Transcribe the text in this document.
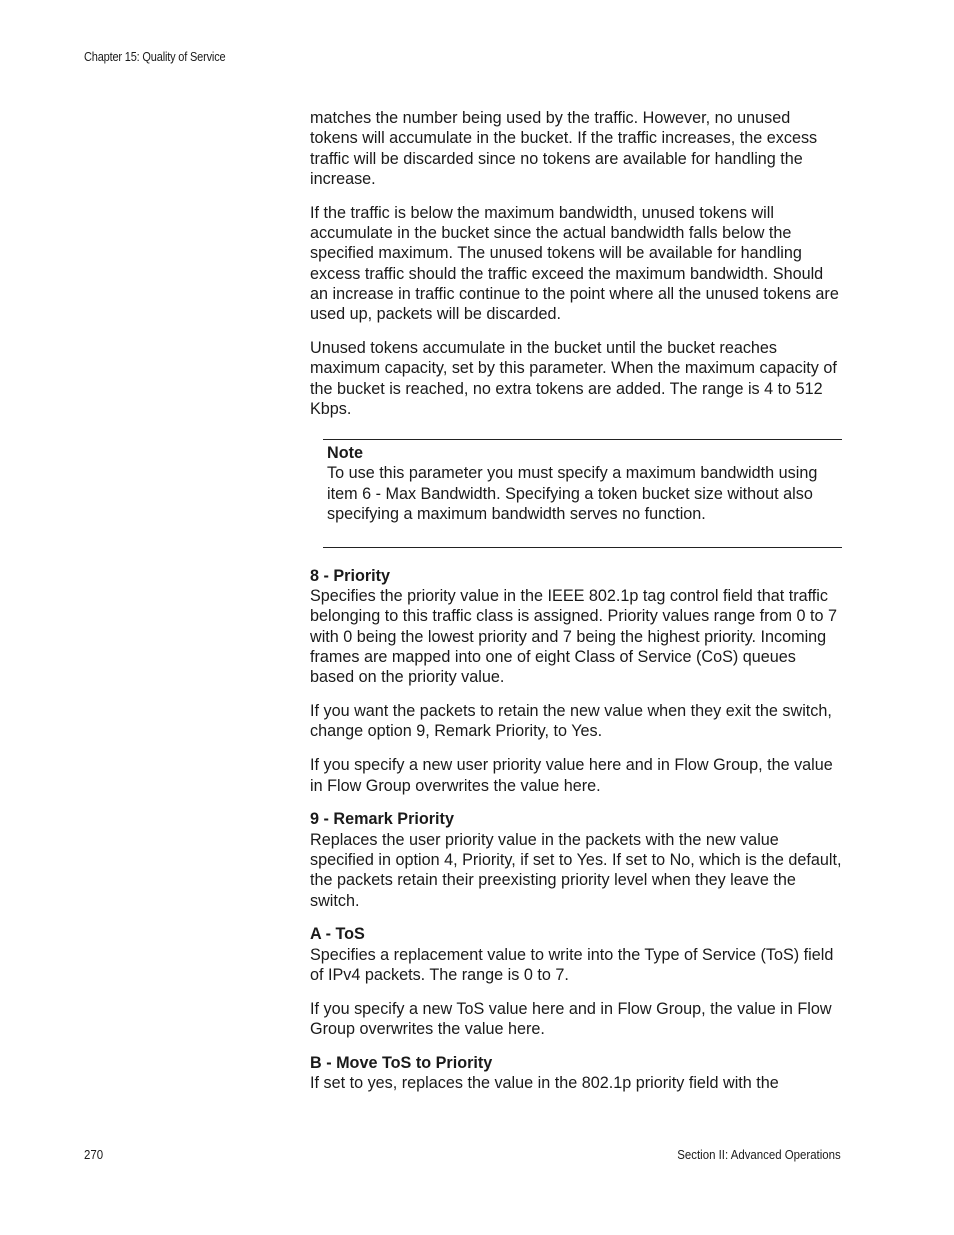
Chapter 15: Quality of Service

matches the number being used by the traffic. However, no unused tokens will accumulate in the bucket. If the traffic increases, the excess traffic will be discarded since no tokens are available for handling the increase.

If the traffic is below the maximum bandwidth, unused tokens will accumulate in the bucket since the actual bandwidth falls below the specified maximum. The unused tokens will be available for handling excess traffic should the traffic exceed the maximum bandwidth. Should an increase in traffic continue to the point where all the unused tokens are used up, packets will be discarded.

Unused tokens accumulate in the bucket until the bucket reaches maximum capacity, set by this parameter. When the maximum capacity of the bucket is reached, no extra tokens are added. The range is 4 to 512 Kbps.

Note

To use this parameter you must specify a maximum bandwidth using item 6 - Max Bandwidth. Specifying a token bucket size without also specifying a maximum bandwidth serves no function.

8 - Priority

Specifies the priority value in the IEEE 802.1p tag control field that traffic belonging to this traffic class is assigned. Priority values range from 0 to 7 with 0 being the lowest priority and 7 being the highest priority. Incoming frames are mapped into one of eight Class of Service (CoS) queues based on the priority value.

If you want the packets to retain the new value when they exit the switch, change option 9, Remark Priority, to Yes.

If you specify a new user priority value here and in Flow Group, the value in Flow Group overwrites the value here.

9 - Remark Priority

Replaces the user priority value in the packets with the new value specified in option 4, Priority, if set to Yes. If set to No, which is the default, the packets retain their preexisting priority level when they leave the switch.

A - ToS

Specifies a replacement value to write into the Type of Service (ToS) field of IPv4 packets. The range is 0 to 7.

If you specify a new ToS value here and in Flow Group, the value in Flow Group overwrites the value here.

B - Move ToS to Priority

If set to yes, replaces the value in the 802.1p priority field with the

270	Section II: Advanced Operations
